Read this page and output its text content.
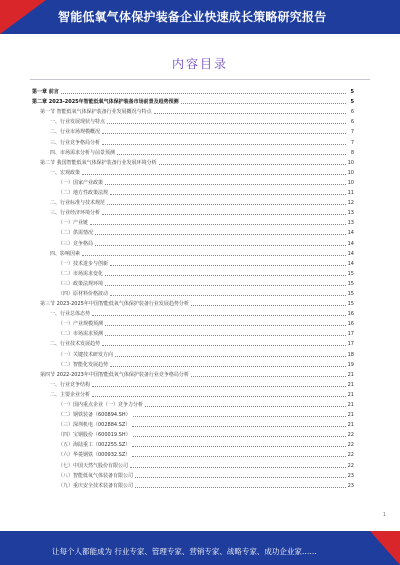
智能低氧气体保护装备企业快速成长策略研究报告
内容目录
第一章 前言	5
第二章 2023-2025年智能低氧气体保护装备市场前景及趋势预测	5
第一节 智能低氧气体保护装备行业发展概况与特点	6
一、行业发展现状与特点	6
二、行业市场规模概况	7
三、行业竞争格局分析	7
四、市场需求分析与前景预测	8
第二节 我国智能低氧气体保护装备行业发展环境分析	10
一、宏观政策	10
（一）国家产业政策	10
（二）地方性政策法规	11
二、行业标准与技术规范	12
三、行业经济环境分析	13
（一）产业链	13
（二）供需情况	14
（三）竞争格局	14
四、影响因素	14
（一）技术进步与创新	14
（二）市场需求变化	15
（三）政策法规环境	15
（四）原材料价格波动	15
第三节 2023-2025年中国智能低氧气体保护装备行业发展趋势分析	15
一、行业总体态势	16
（一）产业规模预测	16
（二）市场需求预测	17
二、行业技术发展趋势	17
（一）关键技术研发方向	18
（二）智能化发展趋势	19
第四节 2022-2023年中国智能低氧气体保护装备行业竞争格局分析	21
一、行业竞争结构	21
二、主要企业分析	21
（一）国内重点企业（一）竞争力分析	21
（二）钢铁装备（600894.SH）	21
（三）深圳机电（002884.SZ）	21
（四）宝钢股份（600019.SH）	22
（五）海陆重工（002255.SZ）	22
（六）华菱钢铁（000932.SZ）	22
（七）中国天然气股份有限公司	22
（八）智能低氧气体装备有限公司	23
（九）重庆安全技术装备有限公司	23
1
让每个人都能成为 行业专家、管理专家、营销专家、战略专家、成功企业家……
